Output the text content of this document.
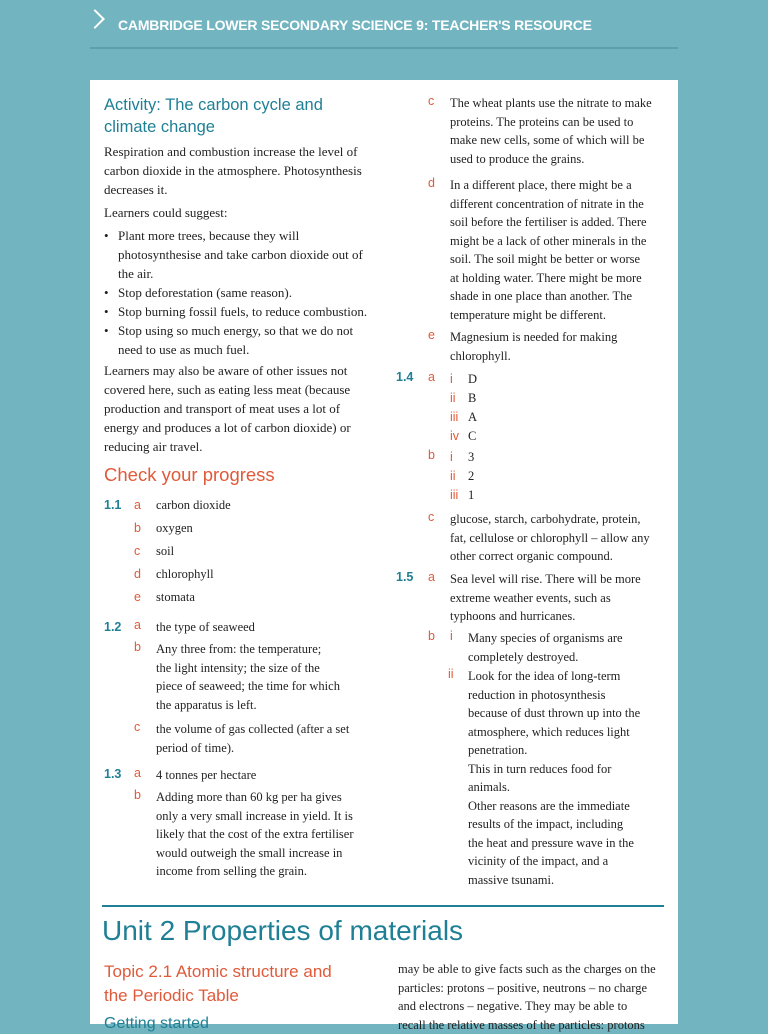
CAMBRIDGE LOWER SECONDARY SCIENCE 9: TEACHER'S RESOURCE
Activity: The carbon cycle and
climate change
Respiration and combustion increase the level of
carbon dioxide in the atmosphere. Photosynthesis
decreases it.
Learners could suggest:
• Plant more trees, because they will
photosynthesise and take carbon dioxide out of
the air.
• Stop deforestation (same reason).
• Stop burning fossil fuels, to reduce combustion.
• Stop using so much energy, so that we do not
need to use as much fuel.
Learners may also be aware of other issues not
covered here, such as eating less meat (because
production and transport of meat uses a lot of
energy and produces a lot of carbon dioxide) or
reducing air travel.
Check your progress
1.1 a carbon dioxide
b oxygen
c soil
d chlorophyll
e stomata
1.2 a the type of seaweed
b Any three from: the temperature;
the light intensity; the size of the
piece of seaweed; the time for which
the apparatus is left.
c the volume of gas collected (after a set
period of time).
1.3 a 4 tonnes per hectare
b Adding more than 60 kg per ha gives
only a very small increase in yield. It is
likely that the cost of the extra fertiliser
would outweigh the small increase in
income from selling the grain.
c The wheat plants use the nitrate to make
proteins. The proteins can be used to
make new cells, some of which will be
used to produce the grains.
d In a different place, there might be a
different concentration of nitrate in the
soil before the fertiliser is added. There
might be a lack of other minerals in the
soil. The soil might be better or worse
at holding water. There might be more
shade in one place than another. The
temperature might be different.
e Magnesium is needed for making
chlorophyll.
1.4 a i D
ii B
iii A
iv C
b i 3
ii 2
iii 1
c glucose, starch, carbohydrate, protein,
fat, cellulose or chlorophyll – allow any
other correct organic compound.
1.5 a Sea level will rise. There will be more
extreme weather events, such as
typhoons and hurricanes.
b i Many species of organisms are
completely destroyed.
ii Look for the idea of long-term
reduction in photosynthesis
because of dust thrown up into the
atmosphere, which reduces light
penetration.
This in turn reduces food for
animals.
Other reasons are the immediate
results of the impact, including
the heat and pressure wave in the
vicinity of the impact, and a
massive tsunami.
Unit 2 Properties of materials
Topic 2.1 Atomic structure and
the Periodic Table
Getting started
may be able to give facts such as the charges on the
particles: protons – positive, neutrons – no charge
and electrons – negative. They may be able to
recall the relative masses of the particles: protons
